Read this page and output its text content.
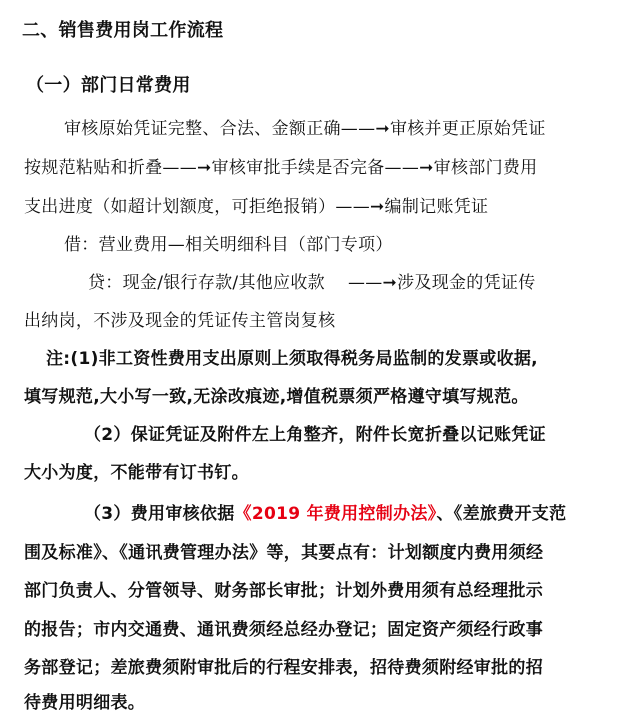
二、销售费用岗工作流程
（一）部门日常费用
审核原始凭证完整、合法、金额正确——➞审核并更正原始凭证
按规范粘贴和折叠——➞审核审批手续是否完备——➞审核部门费用
支出进度（如超计划额度，可拒绝报销）——➞编制记账凭证
借：营业费用—相关明细科目（部门专项）
贷：现金/银行存款/其他应收款　 ——➞涉及现金的凭证传
出纳岗，不涉及现金的凭证传主管岗复核
注:(1)非工资性费用支出原则上须取得税务局监制的发票或收据,
填写规范,大小写一致,无涂改痕迹,增值税票须严格遵守填写规范。
（2）保证凭证及附件左上角整齐，附件长宽折叠以记账凭证
大小为度，不能带有订书钉。
（3）费用审核依据《2019 年费用控制办法》、《差旅费开支范
围及标准》、《通讯费管理办法》等，其要点有：计划额度内费用须经
部门负责人、分管领导、财务部长审批；计划外费用须有总经理批示
的报告；市内交通费、通讯费须经总经办登记；固定资产须经行政事
务部登记；差旅费须附审批后的行程安排表，招待费须附经审批的招
待费用明细表。
